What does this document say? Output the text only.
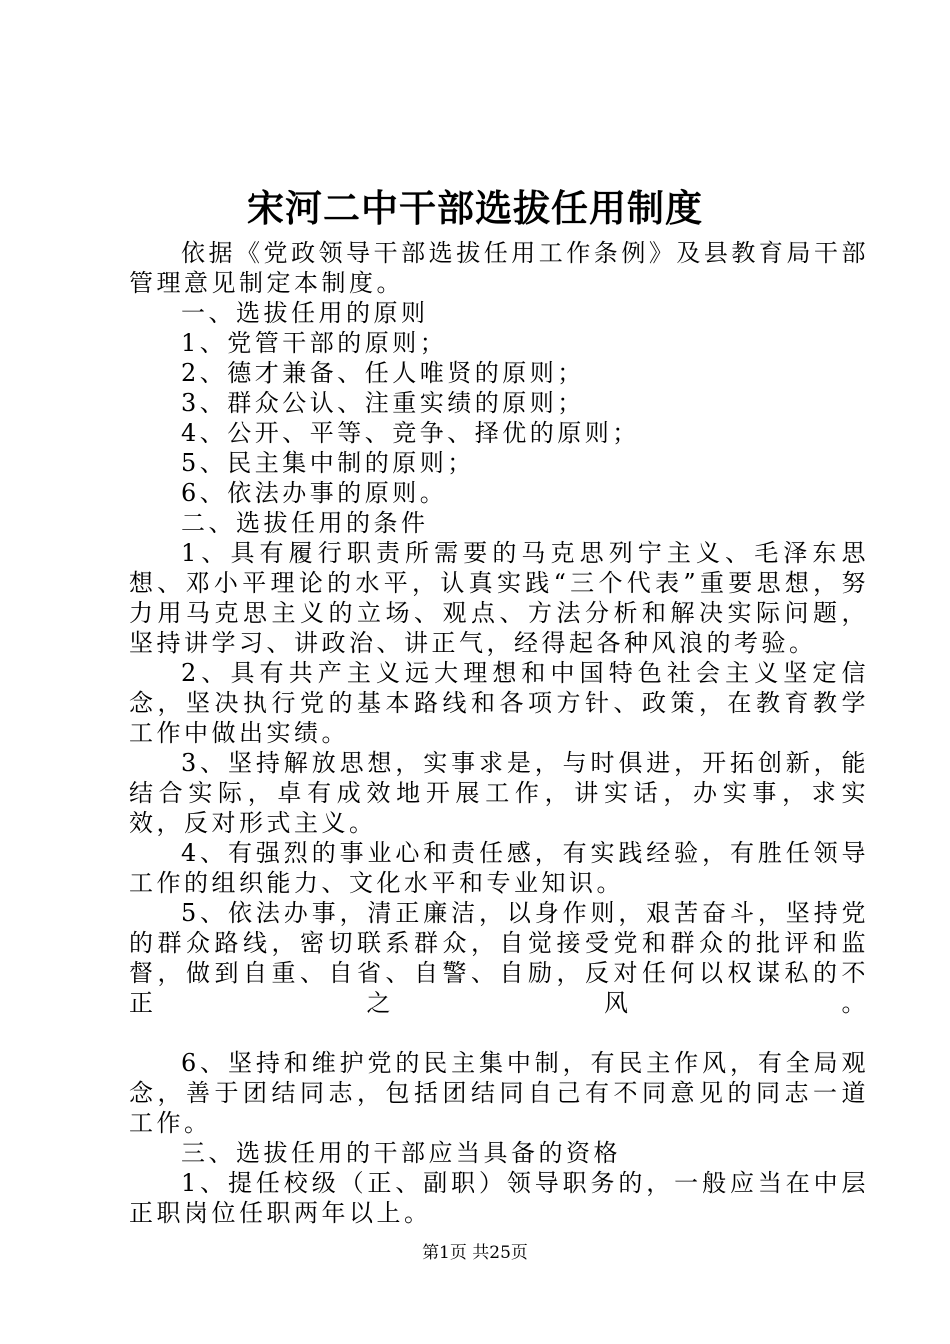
宋河二中干部选拔任用制度

依据《党政领导干部选拔任用工作条例》及县教育局干部管理意见制定本制度。

一、选拔任用的原则

1、党管干部的原则；

2、德才兼备、任人唯贤的原则；

3、群众公认、注重实绩的原则；

4、公开、平等、竞争、择优的原则；

5、民主集中制的原则；

6、依法办事的原则。

二、选拔任用的条件

1、具有履行职责所需要的马克思列宁主义、毛泽东思想、邓小平理论的水平，认真实践“三个代表”重要思想，努力用马克思主义的立场、观点、方法分析和解决实际问题，坚持讲学习、讲政治、讲正气，经得起各种风浪的考验。

2、具有共产主义远大理想和中国特色社会主义坚定信念，坚决执行党的基本路线和各项方针、政策，在教育教学工作中做出实绩。

3、坚持解放思想，实事求是，与时俱进，开拓创新，能结合实际，卓有成效地开展工作，讲实话，办实事，求实效，反对形式主义。

4、有强烈的事业心和责任感，有实践经验，有胜任领导工作的组织能力、文化水平和专业知识。

5、依法办事，清正廉洁，以身作则，艰苦奋斗，坚持党的群众路线，密切联系群众，自觉接受党和群众的批评和监督，做到自重、自省、自警、自励，反对任何以权谋私的不正之风。

6、坚持和维护党的民主集中制，有民主作风，有全局观念，善于团结同志，包括团结同自己有不同意见的同志一道工作。

三、选拔任用的干部应当具备的资格

1、提任校级（正、副职）领导职务的，一般应当在中层正职岗位任职两年以上。

第1页 共25页
